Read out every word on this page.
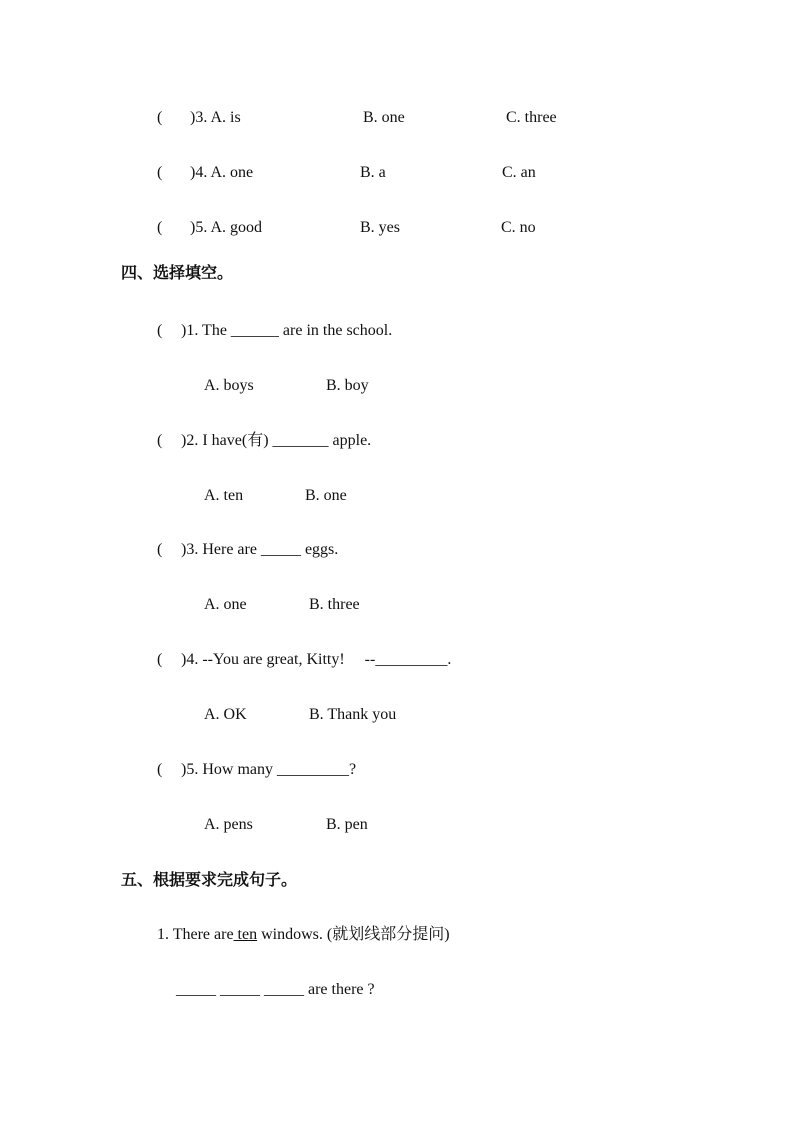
( )3. A. is	B. one	C. three
( )4. A. one	B. a	C. an
( )5. A. good	B. yes	C. no
四、选择填空。
( )1. The ______ are in the school.
A. boys	B. boy
( )2. I have(有) _______ apple.
A. ten	B. one
( )3. Here are _____ eggs.
A. one	B. three
( )4. --You are great, Kitty!     --_________.
A. OK	B. Thank you
( )5. How many _________?
A. pens	B. pen
五、根据要求完成句子。
1. There are ten windows. (就划线部分提问)
_____ _____ _____ are there ?
